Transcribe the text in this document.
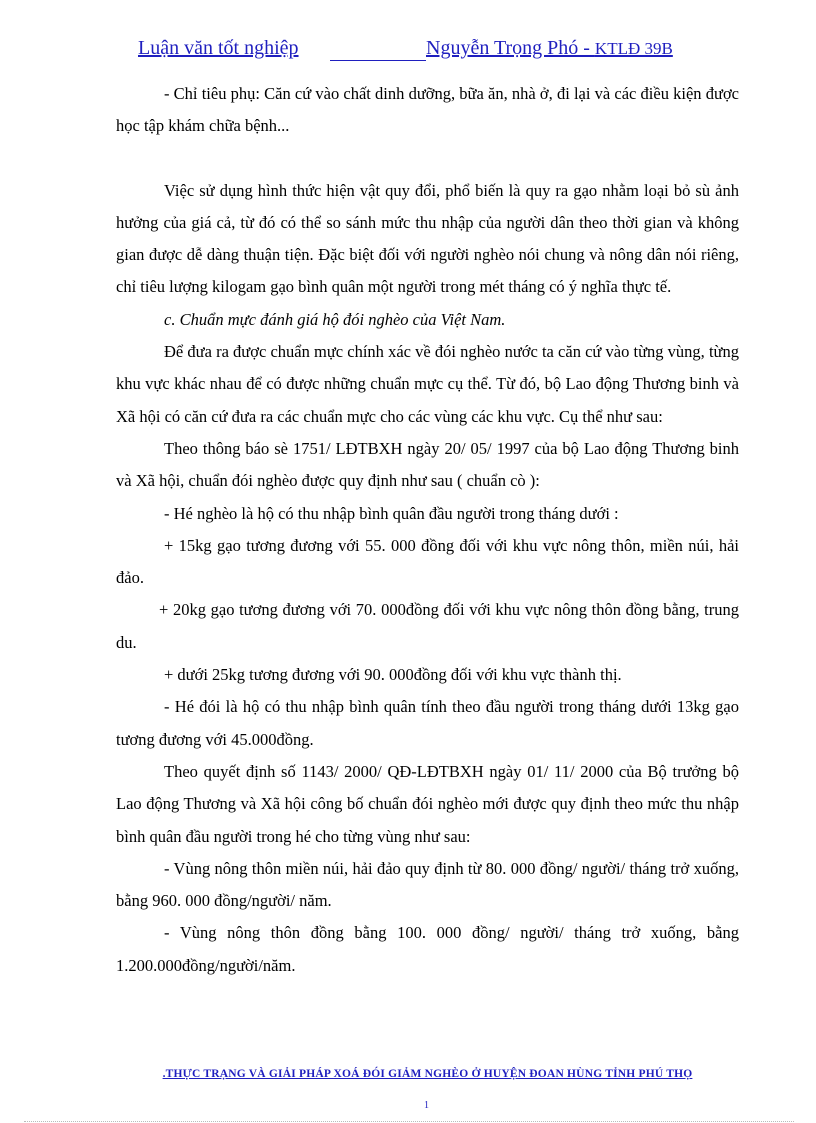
Luận văn tốt nghiệp	Nguyễn Trọng Phó - KTLĐ 39B

- Chỉ tiêu phụ: Căn cứ vào chất dinh dưỡng, bữa ăn, nhà ở, đi lại và các điều kiện được học tập khám chữa bệnh...

Việc sử dụng hình thức hiện vật quy đổi, phổ biến là quy ra gạo nhằm loại bỏ sù ảnh hưởng của giá cả, từ đó có thể so sánh mức thu nhập của người dân theo thời gian và không gian được dễ dàng thuận tiện. Đặc biệt đối với người nghèo nói chung và nông dân nói riêng, chỉ tiêu lượng kilogam gạo bình quân một người trong mét tháng có ý nghĩa thực tế.

c. Chuẩn mực đánh giá hộ đói nghèo của Việt Nam.

Để đưa ra được chuẩn mực chính xác về đói nghèo nước ta căn cứ vào từng vùng, từng khu vực khác nhau để có được những chuẩn mực cụ thể. Từ đó, bộ Lao động Thương binh và Xã hội có căn cứ đưa ra các chuẩn mực cho các vùng các khu vực. Cụ thể như sau:

Theo thông báo sè 1751/ LĐTBXH ngày 20/ 05/ 1997 của bộ Lao động Thương binh và Xã hội, chuẩn đói nghèo được quy định như sau ( chuẩn cò ):

- Hé nghèo là hộ có thu nhập bình quân đầu người trong tháng dưới :

+ 15kg gạo tương đương với 55. 000 đồng đối với khu vực nông thôn, miền núi, hải đảo.

+ 20kg gạo tương đương với 70. 000đồng đối với khu vực nông thôn đồng bằng, trung du.

+ dưới 25kg tương đương với 90. 000đồng đối với khu vực thành thị.

- Hé đói là hộ có thu nhập bình quân tính theo đầu người trong tháng dưới 13kg gạo tương đương với 45.000đồng.

Theo quyết định số 1143/ 2000/ QĐ-LĐTBXH ngày 01/ 11/ 2000 của Bộ trưởng bộ Lao động Thương và Xã hội công bố chuẩn đói nghèo mới được quy định theo mức thu nhập bình quân đầu người trong hé cho từng vùng như sau:

- Vùng nông thôn miền núi, hải đảo quy định từ 80. 000 đồng/ người/ tháng trở xuống, bằng 960. 000 đồng/người/ năm.

- Vùng nông thôn đồng bằng 100. 000 đồng/ người/ tháng trở xuống, bằng 1.200.000đồng/người/năm.

.THỰC TRẠNG VÀ GIẢI PHÁP XOÁ ĐÓI GIẢM NGHÈO Ở HUYỆN ĐOAN HÙNG TỈNH PHÚ THỌ
1
